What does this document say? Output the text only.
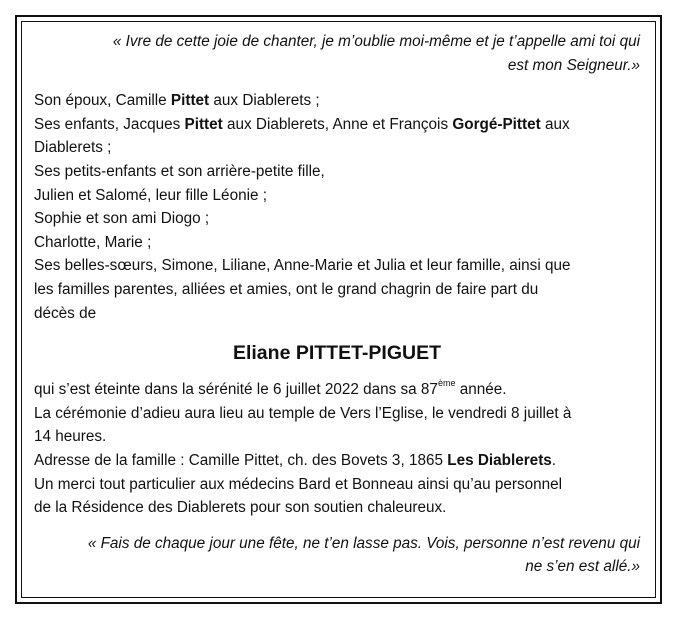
« Ivre de cette joie de chanter, je m’oublie moi-même et je t’appelle ami toi qui
est mon Seigneur.»

Son époux, Camille Pittet aux Diablerets ;

Ses enfants, Jacques Pittet aux Diablerets, Anne et François Gorgé-Pittet aux

Diablerets ;

Ses petits-enfants et son arrière-petite fille,

Julien et Salomé, leur fille Léonie ;

Sophie et son ami Diogo ;

Charlotte, Marie ;

Ses belles-sœurs, Simone, Liliane, Anne-Marie et Julia et leur famille, ainsi que

les familles parentes, alliées et amies, ont le grand chagrin de faire part du

décès de

Eliane PITTET-PIGUET

qui s’est éteinte dans la sérénité le 6 juillet 2022 dans sa 87ème année.

La cérémonie d’adieu aura lieu au temple de Vers l’Eglise, le vendredi 8 juillet à

14 heures.

Adresse de la famille : Camille Pittet, ch. des Bovets 3, 1865 Les Diablerets.

Un merci tout particulier aux médecins Bard et Bonneau ainsi qu’au personnel

de la Résidence des Diablerets pour son soutien chaleureux.

« Fais de chaque jour une fête, ne t’en lasse pas. Vois, personne n’est revenu qui
ne s’en est allé.»
